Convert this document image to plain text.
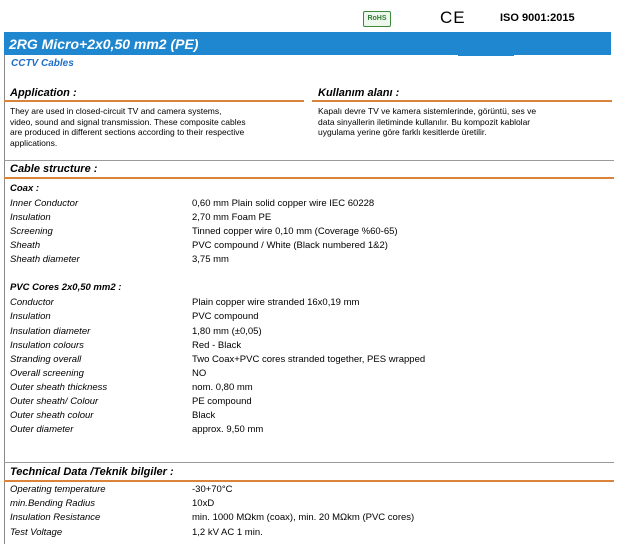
RoHS	CE	ISO 9001:2015
2RG Micro+2x0,50 mm2 (PE)
CCTV Cables
Application :	Kullanım alanı :
They are used in closed-circuit TV and camera systems,
video, sound and signal transmission. These composite cables
are produced in different sections according to their respective
applications.
Kapalı devre TV ve kamera sistemlerinde, görüntü, ses ve
data sinyallerin iletiminde kullanılır. Bu kompozit kablolar
uygulama yerine göre farklı kesitlerde üretilir.
Cable structure :
Coax :
Inner Conductor	0,60 mm Plain solid copper wire IEC 60228
Insulation	2,70 mm Foam PE
Screening	Tinned copper wire 0,10 mm (Coverage %60-65)
Sheath	PVC compound / White (Black numbered 1&2)
Sheath diameter	3,75 mm
PVC Cores 2x0,50 mm2 :
Conductor	Plain copper wire stranded 16x0,19 mm
Insulation	PVC compound
Insulation diameter	1,80 mm (±0,05)
Insulation colours	Red - Black
Stranding overall	Two Coax+PVC cores stranded together, PES wrapped
Overall screening	NO
Outer sheath thickness	nom. 0,80 mm
Outer sheath/ Colour	PE compound
Outer sheath colour	Black
Outer diameter	approx. 9,50 mm
Technical Data /Teknik bilgiler :
Operating temperature	-30+70°C
min.Bending Radius	10xD
Insulation Resistance	min. 1000 MΩkm (coax), min. 20 MΩkm (PVC cores)
Test Voltage	1,2 kV AC 1 min.
